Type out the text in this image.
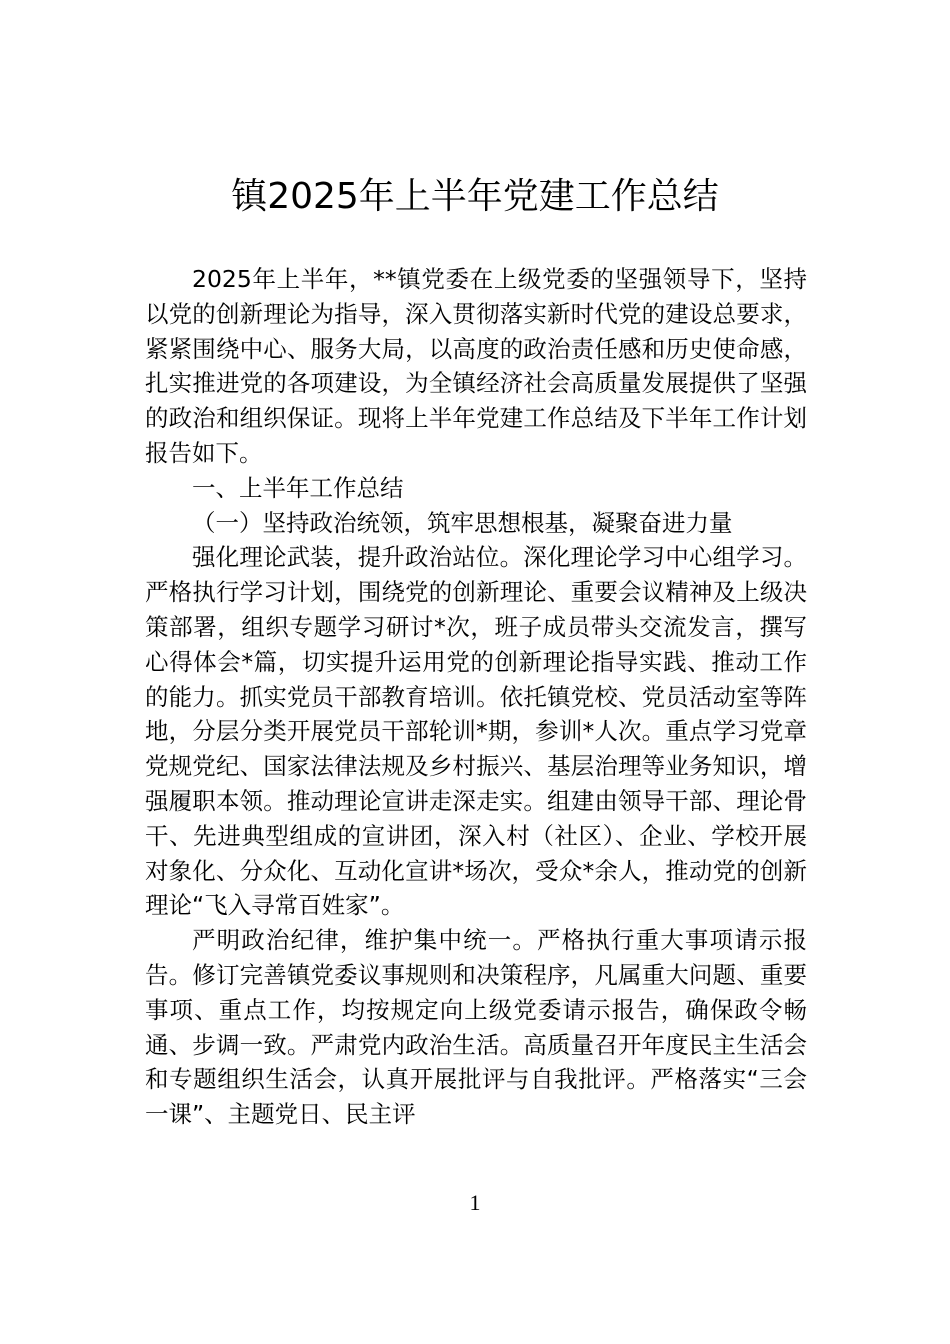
镇2025年上半年党建工作总结

2025年上半年，**镇党委在上级党委的坚强领导下，坚持以党的创新理论为指导，深入贯彻落实新时代党的建设总要求，紧紧围绕中心、服务大局，以高度的政治责任感和历史使命感，扎实推进党的各项建设，为全镇经济社会高质量发展提供了坚强的政治和组织保证。现将上半年党建工作总结及下半年工作计划报告如下。

一、上半年工作总结

（一）坚持政治统领，筑牢思想根基，凝聚奋进力量

强化理论武装，提升政治站位。深化理论学习中心组学习。严格执行学习计划，围绕党的创新理论、重要会议精神及上级决策部署，组织专题学习研讨*次，班子成员带头交流发言，撰写心得体会*篇，切实提升运用党的创新理论指导实践、推动工作的能力。抓实党员干部教育培训。依托镇党校、党员活动室等阵地，分层分类开展党员干部轮训*期，参训*人次。重点学习党章党规党纪、国家法律法规及乡村振兴、基层治理等业务知识，增强履职本领。推动理论宣讲走深走实。组建由领导干部、理论骨干、先进典型组成的宣讲团，深入村（社区）、企业、学校开展对象化、分众化、互动化宣讲*场次，受众*余人，推动党的创新理论“飞入寻常百姓家”。

严明政治纪律，维护集中统一。严格执行重大事项请示报告。修订完善镇党委议事规则和决策程序，凡属重大问题、重要事项、重点工作，均按规定向上级党委请示报告，确保政令畅通、步调一致。严肃党内政治生活。高质量召开年度民主生活会和专题组织生活会，认真开展批评与自我批评。严格落实“三会一课”、主题党日、民主评

1
